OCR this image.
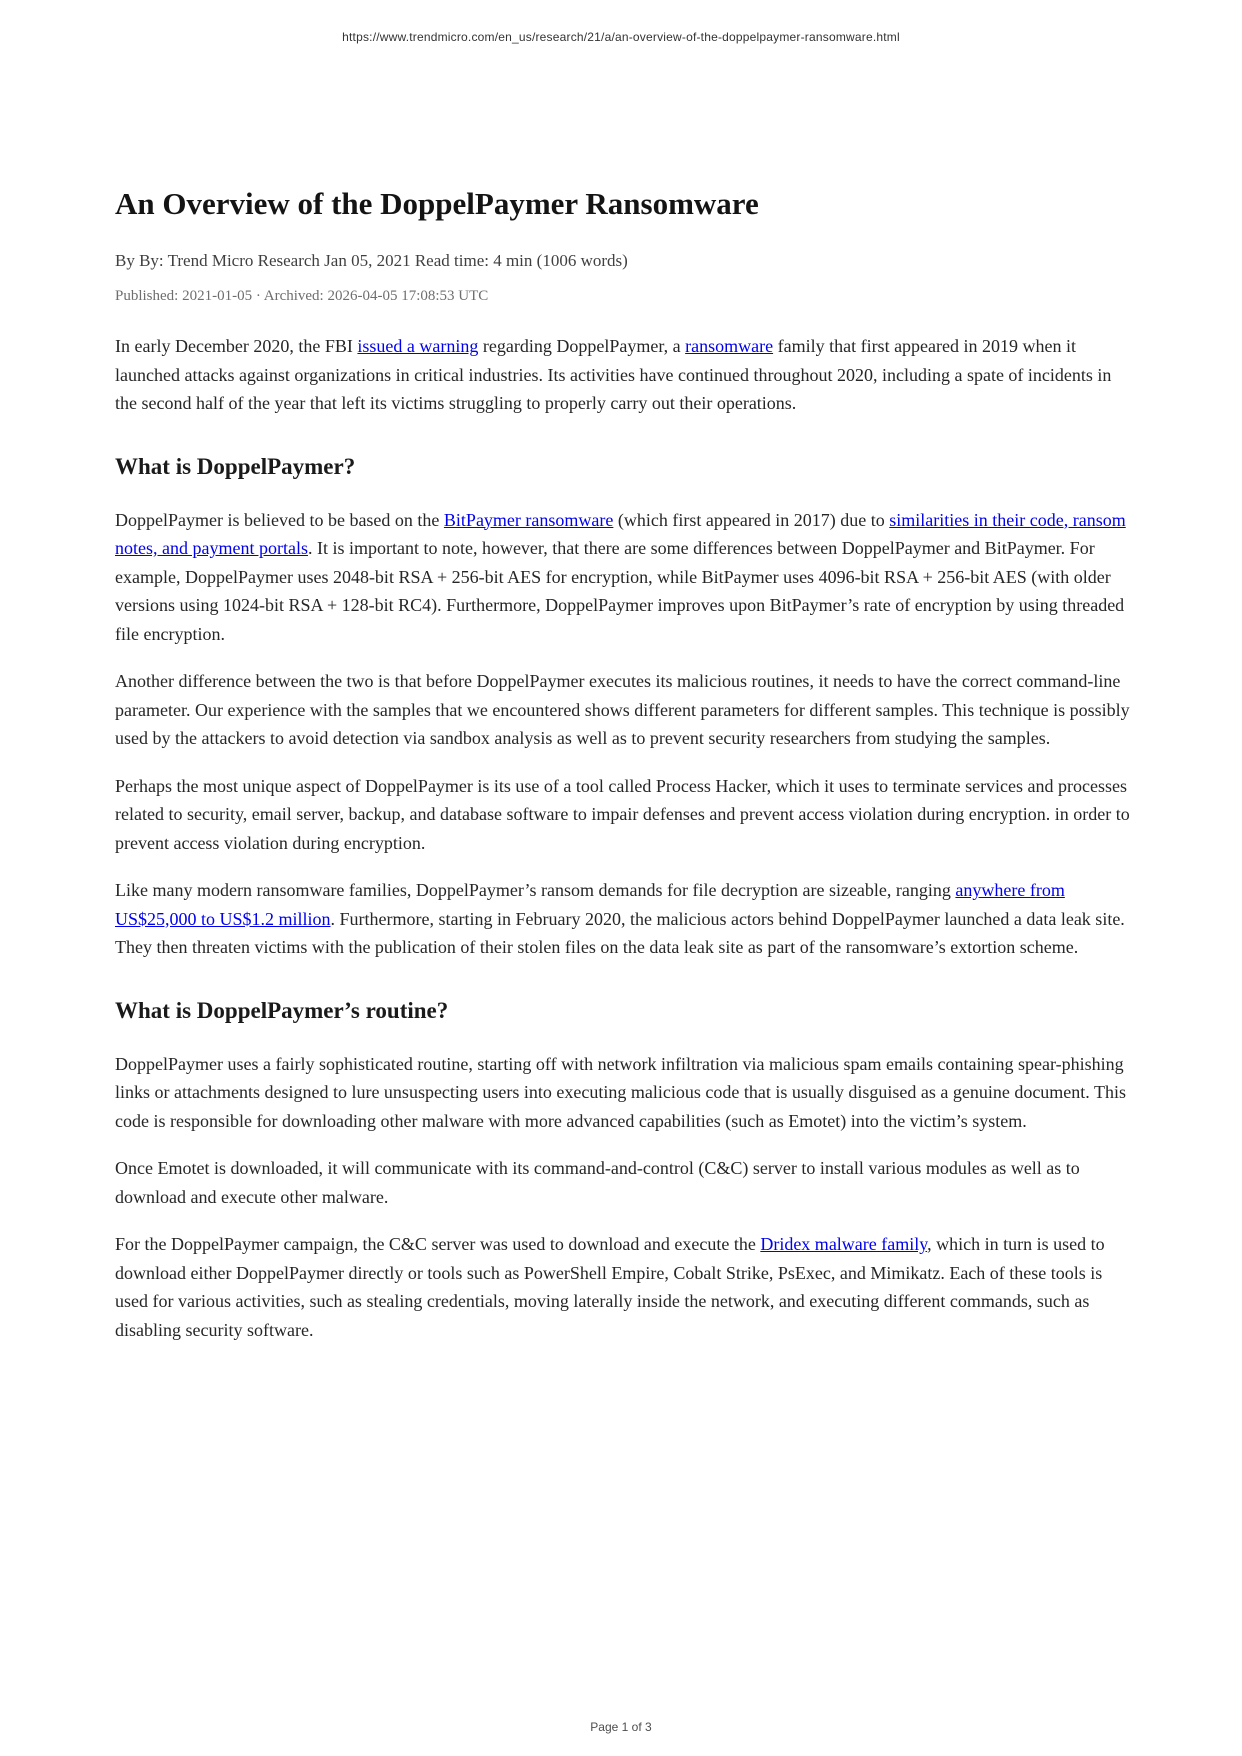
https://www.trendmicro.com/en_us/research/21/a/an-overview-of-the-doppelpaymer-ransomware.html
An Overview of the DoppelPaymer Ransomware
By By: Trend Micro Research Jan 05, 2021 Read time: 4 min (1006 words)
Published: 2021-01-05 · Archived: 2026-04-05 17:08:53 UTC

In early December 2020, the FBI issued a warning regarding DoppelPaymer, a ransomware family that first appeared in 2019 when it launched attacks against organizations in critical industries. Its activities have continued throughout 2020, including a spate of incidents in the second half of the year that left its victims struggling to properly carry out their operations.

What is DoppelPaymer?

DoppelPaymer is believed to be based on the BitPaymer ransomware (which first appeared in 2017) due to similarities in their code, ransom notes, and payment portals. It is important to note, however, that there are some differences between DoppelPaymer and BitPaymer. For example, DoppelPaymer uses 2048-bit RSA + 256-bit AES for encryption, while BitPaymer uses 4096-bit RSA + 256-bit AES (with older versions using 1024-bit RSA + 128-bit RC4). Furthermore, DoppelPaymer improves upon BitPaymer’s rate of encryption by using threaded file encryption.

Another difference between the two is that before DoppelPaymer executes its malicious routines, it needs to have the correct command-line parameter. Our experience with the samples that we encountered shows different parameters for different samples. This technique is possibly used by the attackers to avoid detection via sandbox analysis as well as to prevent security researchers from studying the samples.

Perhaps the most unique aspect of DoppelPaymer is its use of a tool called Process Hacker, which it uses to terminate services and processes related to security, email server, backup, and database software to impair defenses and prevent access violation during encryption. in order to prevent access violation during encryption.

Like many modern ransomware families, DoppelPaymer’s ransom demands for file decryption are sizeable, ranging anywhere from US$25,000 to US$1.2 million. Furthermore, starting in February 2020, the malicious actors behind DoppelPaymer launched a data leak site. They then threaten victims with the publication of their stolen files on the data leak site as part of the ransomware’s extortion scheme.

What is DoppelPaymer’s routine?

DoppelPaymer uses a fairly sophisticated routine, starting off with network infiltration via malicious spam emails containing spear-phishing links or attachments designed to lure unsuspecting users into executing malicious code that is usually disguised as a genuine document. This code is responsible for downloading other malware with more advanced capabilities (such as Emotet) into the victim’s system.

Once Emotet is downloaded, it will communicate with its command-and-control (C&C) server to install various modules as well as to download and execute other malware.

For the DoppelPaymer campaign, the C&C server was used to download and execute the Dridex malware family, which in turn is used to download either DoppelPaymer directly or tools such as PowerShell Empire, Cobalt Strike, PsExec, and Mimikatz. Each of these tools is used for various activities, such as stealing credentials, moving laterally inside the network, and executing different commands, such as disabling security software.

Page 1 of 3
